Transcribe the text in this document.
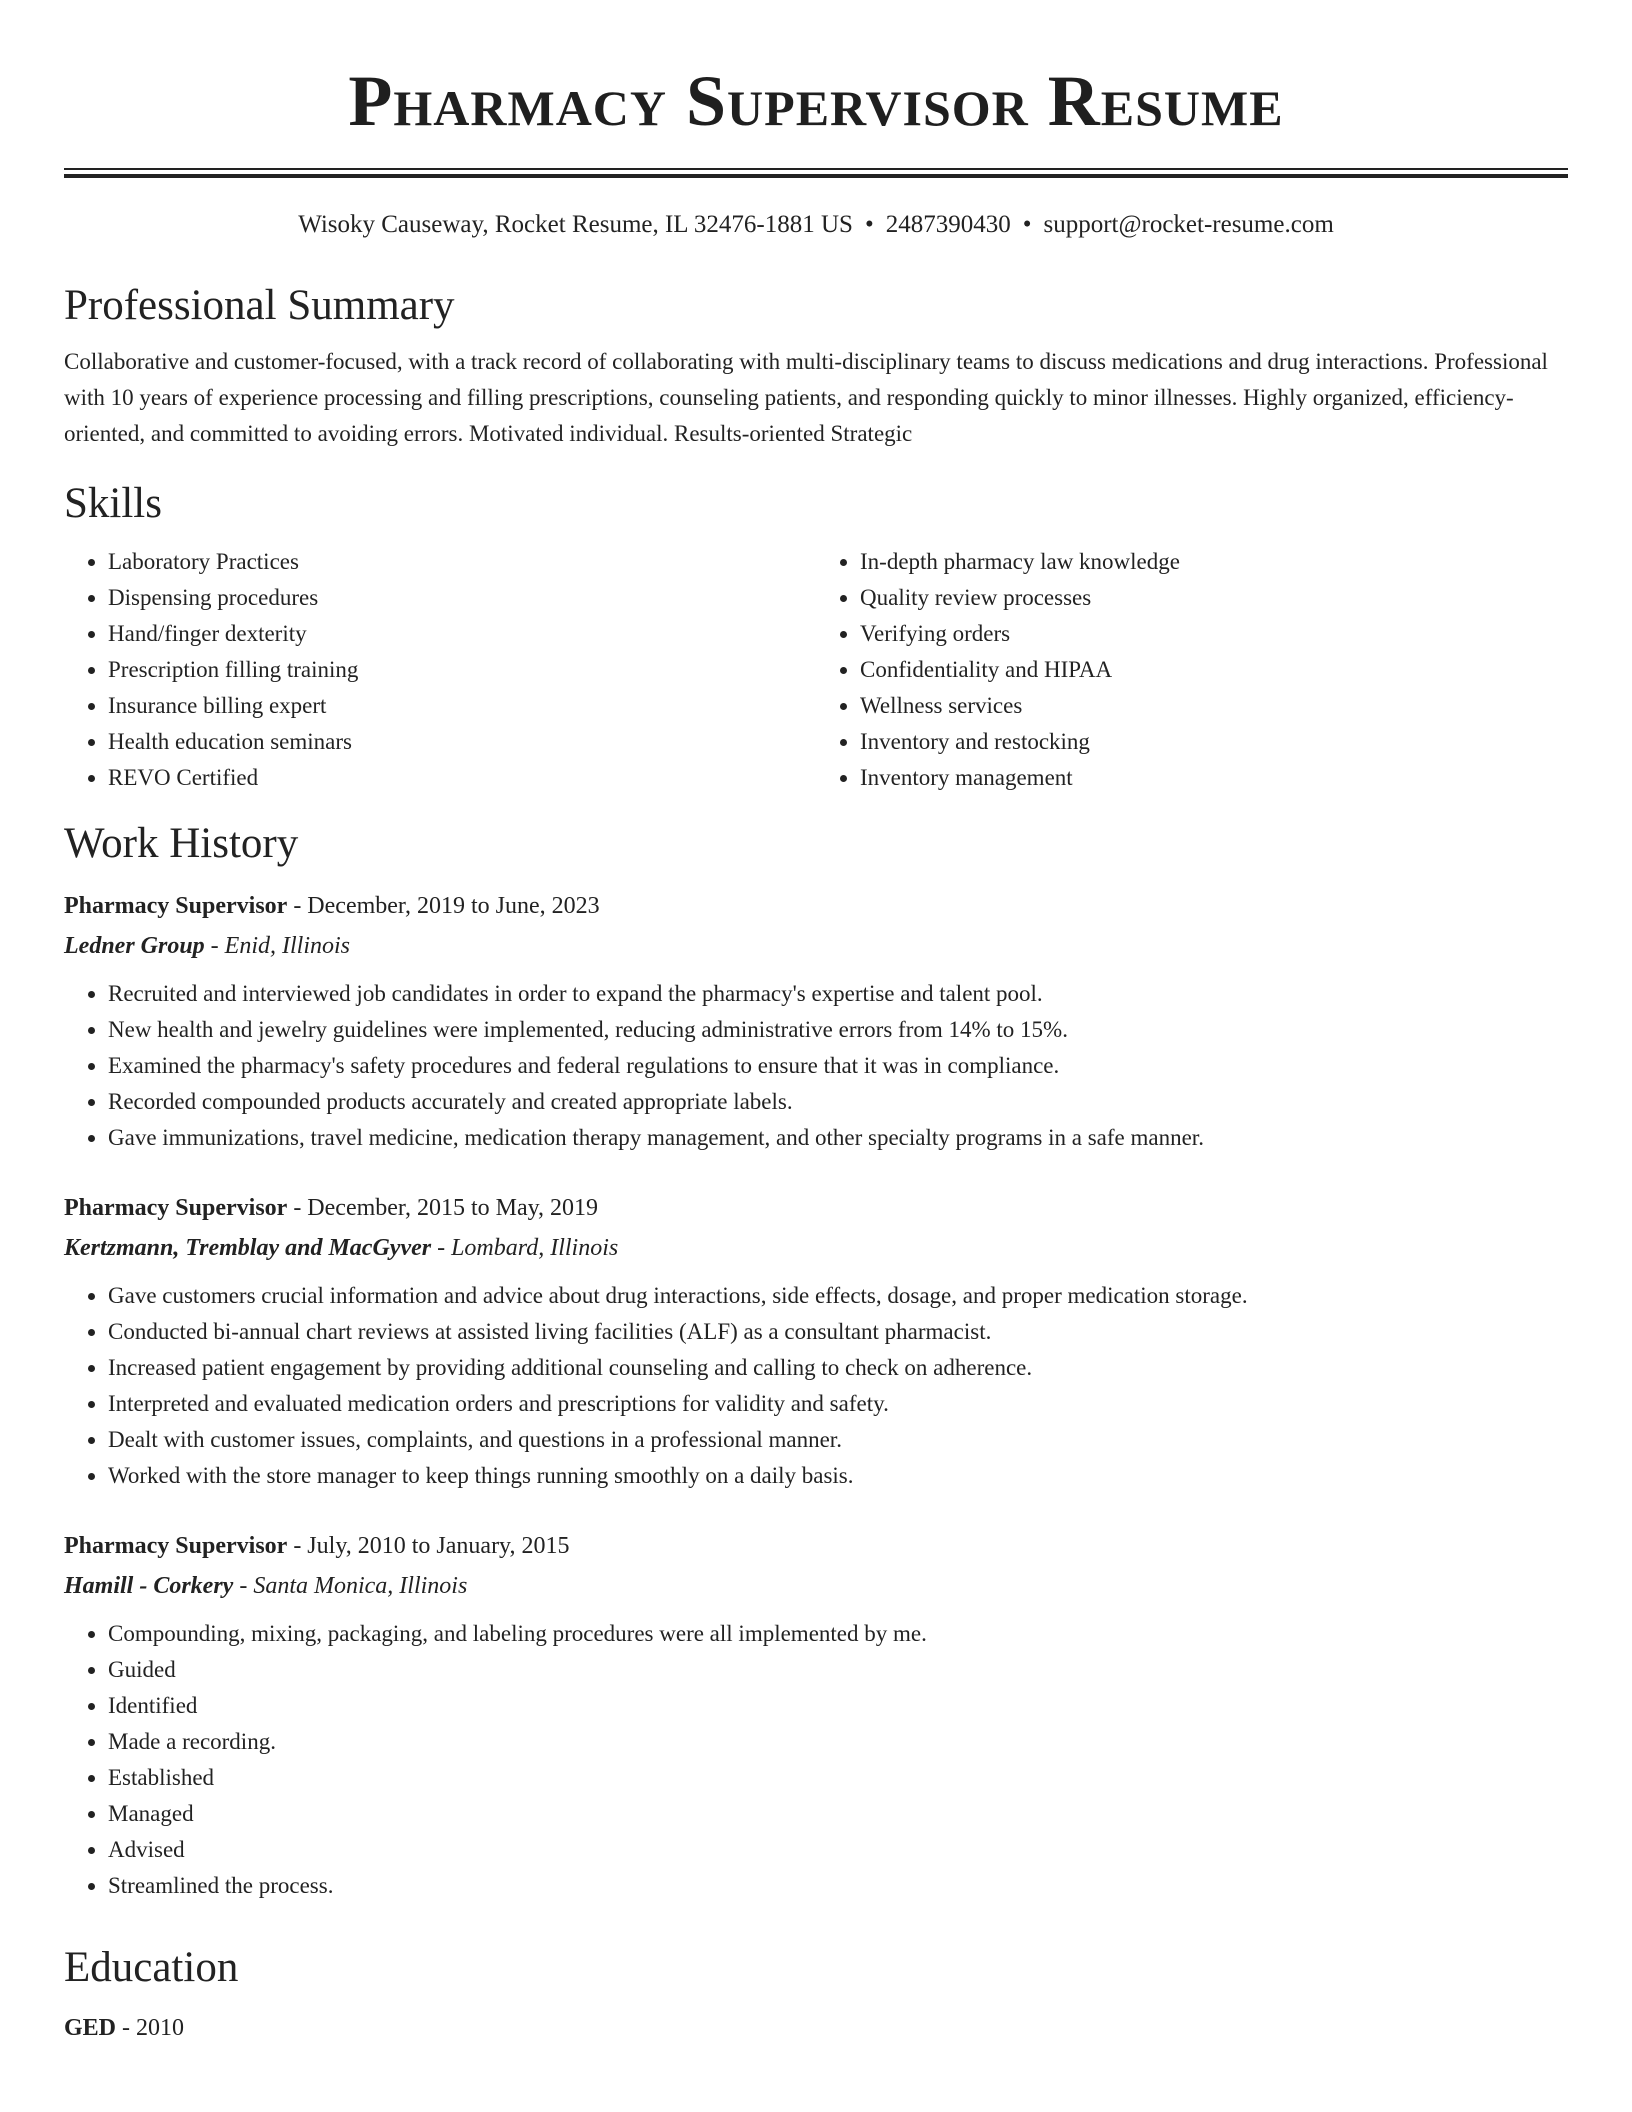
Pharmacy Supervisor Resume
Wisoky Causeway, Rocket Resume, IL 32476-1881 US • 2487390430 • support@rocket-resume.com
Professional Summary

Collaborative and customer-focused, with a track record of collaborating with multi-disciplinary teams to discuss medications and drug interactions. Professional with 10 years of experience processing and filling prescriptions, counseling patients, and responding quickly to minor illnesses. Highly organized, efficiency-oriented, and committed to avoiding errors. Motivated individual. Results-oriented Strategic

Skills
• Laboratory Practices
• Dispensing procedures
• Hand/finger dexterity
• Prescription filling training
• Insurance billing expert
• Health education seminars
• REVO Certified
• In-depth pharmacy law knowledge
• Quality review processes
• Verifying orders
• Confidentiality and HIPAA
• Wellness services
• Inventory and restocking
• Inventory management
Work History
Pharmacy Supervisor - December, 2019 to June, 2023
Ledner Group - Enid, Illinois
• Recruited and interviewed job candidates in order to expand the pharmacy's expertise and talent pool.
• New health and jewelry guidelines were implemented, reducing administrative errors from 14% to 15%.
• Examined the pharmacy's safety procedures and federal regulations to ensure that it was in compliance.
• Recorded compounded products accurately and created appropriate labels.
• Gave immunizations, travel medicine, medication therapy management, and other specialty programs in a safe manner.
Pharmacy Supervisor - December, 2015 to May, 2019
Kertzmann, Tremblay and MacGyver - Lombard, Illinois
• Gave customers crucial information and advice about drug interactions, side effects, dosage, and proper medication storage.
• Conducted bi-annual chart reviews at assisted living facilities (ALF) as a consultant pharmacist.
• Increased patient engagement by providing additional counseling and calling to check on adherence.
• Interpreted and evaluated medication orders and prescriptions for validity and safety.
• Dealt with customer issues, complaints, and questions in a professional manner.
• Worked with the store manager to keep things running smoothly on a daily basis.
Pharmacy Supervisor - July, 2010 to January, 2015
Hamill - Corkery - Santa Monica, Illinois
• Compounding, mixing, packaging, and labeling procedures were all implemented by me.
• Guided
• Identified
• Made a recording.
• Established
• Managed
• Advised
• Streamlined the process.
Education
GED - 2010
